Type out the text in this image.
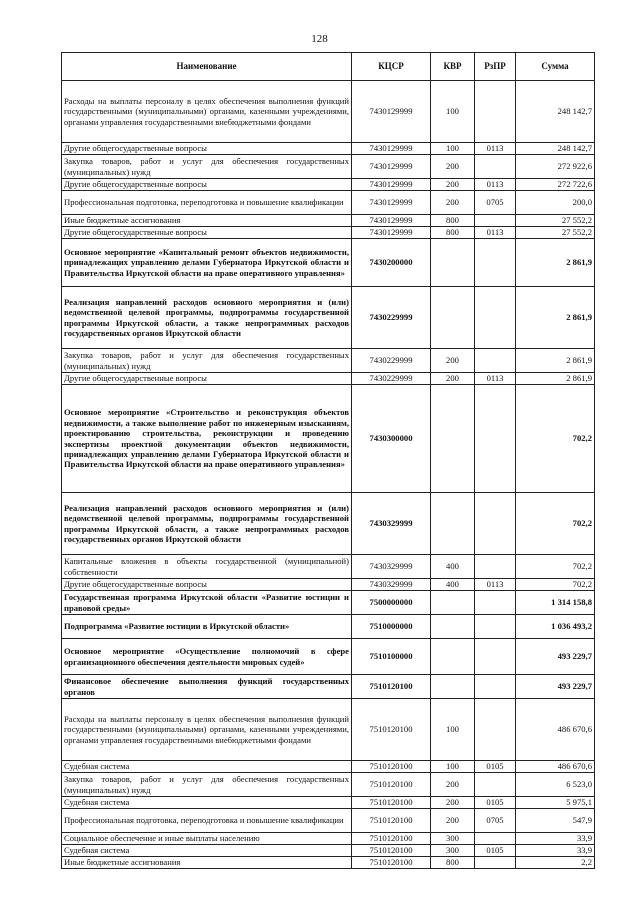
128
Наименование	КЦСР	КВР	РзПР	Сумма
Расходы на выплаты персоналу в целях обеспечения выполнения функций государственными (муниципальными) органами, казенными учреждениями, органами управления государственными внебюджетными фондами	7430129999	100		248 142,7
Другие общегосударственные вопросы	7430129999	100	0113	248 142,7
Закупка товаров, работ и услуг для обеспечения государственных (муниципальных) нужд	7430129999	200		272 922,6
Другие общегосударственные вопросы	7430129999	200	0113	272 722,6
Профессиональная подготовка, переподготовка и повышение квалификации	7430129999	200	0705	200,0
Иные бюджетные ассигнования	7430129999	800		27 552,2
Другие общегосударственные вопросы	7430129999	800	0113	27 552,2
Основное мероприятие «Капитальный ремонт объектов недвижимости, принадлежащих управлению делами Губернатора Иркутской области и Правительства Иркутской области на праве оперативного управления»	7430200000			2 861,9
Реализация направлений расходов основного мероприятия и (или) ведомственной целевой программы, подпрограммы государственной программы Иркутской области, а также непрограммных расходов государственных органов Иркутской области	7430229999			2 861,9
Закупка товаров, работ и услуг для обеспечения государственных (муниципальных) нужд	7430229999	200		2 861,9
Другие общегосударственные вопросы	7430229999	200	0113	2 861,9
Основное мероприятие «Строительство и реконструкция объектов недвижимости, а также выполнение работ по инженерным изысканиям, проектированию строительства, реконструкции и проведению экспертизы проектной документации объектов недвижимости, принадлежащих управлению делами Губернатора Иркутской области и Правительства Иркутской области на праве оперативного управления»	7430300000			702,2
Реализация направлений расходов основного мероприятия и (или) ведомственной целевой программы, подпрограммы государственной программы Иркутской области, а также непрограммных расходов государственных органов Иркутской области	7430329999			702,2
Капитальные вложения в объекты государственной (муниципальной) собственности	7430329999	400		702,2
Другие общегосударственные вопросы	7430329999	400	0113	702,2
Государственная программа Иркутской области «Развитие юстиции и правовой среды»	7500000000			1 314 158,8
Подпрограмма «Развитие юстиции в Иркутской области»	7510000000			1 036 493,2
Основное мероприятие «Осуществление полномочий в сфере организационного обеспечения деятельности мировых судей»	7510100000			493 229,7
Финансовое обеспечение выполнения функций государственных органов	7510120100			493 229,7
Расходы на выплаты персоналу в целях обеспечения выполнения функций государственными (муниципальными) органами, казенными учреждениями, органами управления государственными внебюджетными фондами	7510120100	100		486 670,6
Судебная система	7510120100	100	0105	486 670,6
Закупка товаров, работ и услуг для обеспечения государственных (муниципальных) нужд	7510120100	200		6 523,0
Судебная система	7510120100	200	0105	5 975,1
Профессиональная подготовка, переподготовка и повышение квалификации	7510120100	200	0705	547,9
Социальное обеспечение и иные выплаты населению	7510120100	300		33,9
Судебная система	7510120100	300	0105	33,9
Иные бюджетные ассигнования	7510120100	800		2,2
